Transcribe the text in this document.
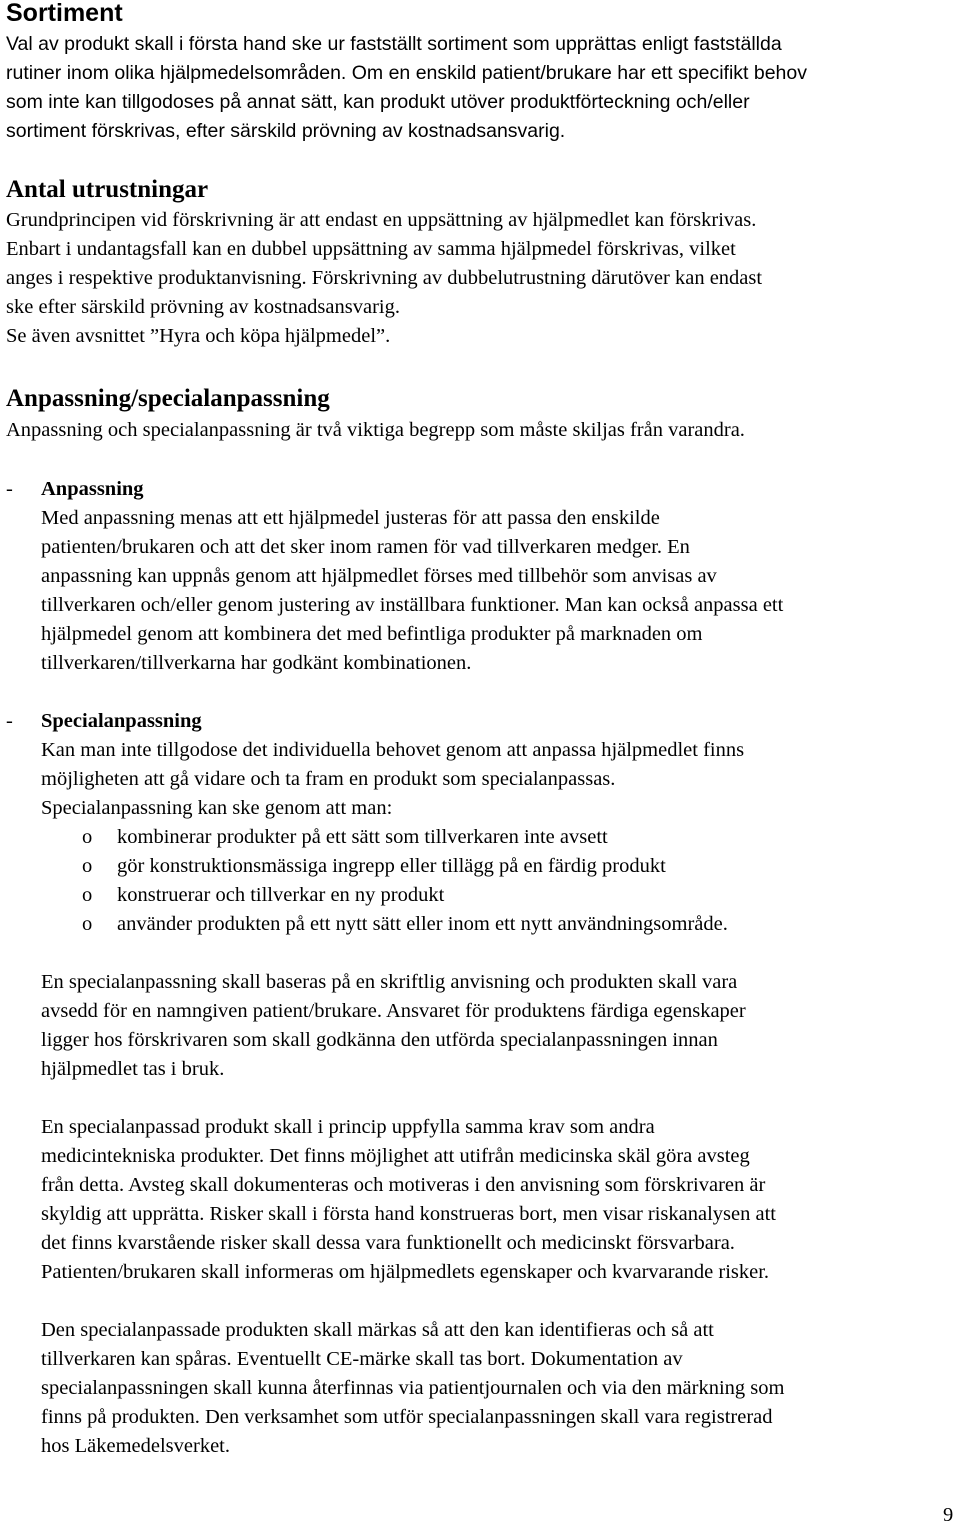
Sortiment
Val av produkt skall i första hand ske ur fastställt sortiment som upprättas enligt fastställda
rutiner inom olika hjälpmedelsområden. Om en enskild patient/brukare har ett specifikt behov
som inte kan tillgodoses på annat sätt, kan produkt utöver produktförteckning och/eller
sortiment förskrivas, efter särskild prövning av kostnadsansvarig.
Antal utrustningar
Grundprincipen vid förskrivning är att endast en uppsättning av hjälpmedlet kan förskrivas.
Enbart i undantagsfall kan en dubbel uppsättning av samma hjälpmedel förskrivas, vilket
anges i respektive produktanvisning. Förskrivning av dubbelutrustning därutöver kan endast
ske efter särskild prövning av kostnadsansvarig.
Se även avsnittet ”Hyra och köpa hjälpmedel”.
Anpassning/specialanpassning
Anpassning och specialanpassning är två viktiga begrepp som måste skiljas från varandra.
- Anpassning
Med anpassning menas att ett hjälpmedel justeras för att passa den enskilde
patienten/brukaren och att det sker inom ramen för vad tillverkaren medger. En
anpassning kan uppnås genom att hjälpmedlet förses med tillbehör som anvisas av
tillverkaren och/eller genom justering av inställbara funktioner. Man kan också anpassa ett
hjälpmedel genom att kombinera det med befintliga produkter på marknaden om
tillverkaren/tillverkarna har godkänt kombinationen.
- Specialanpassning
Kan man inte tillgodose det individuella behovet genom att anpassa hjälpmedlet finns
möjligheten att gå vidare och ta fram en produkt som specialanpassas.
Specialanpassning kan ske genom att man:
o kombinerar produkter på ett sätt som tillverkaren inte avsett
o gör konstruktionsmässiga ingrepp eller tillägg på en färdig produkt
o konstruerar och tillverkar en ny produkt
o använder produkten på ett nytt sätt eller inom ett nytt användningsområde.
En specialanpassning skall baseras på en skriftlig anvisning och produkten skall vara
avsedd för en namngiven patient/brukare. Ansvaret för produktens färdiga egenskaper
ligger hos förskrivaren som skall godkänna den utförda specialanpassningen innan
hjälpmedlet tas i bruk.
En specialanpassad produkt skall i princip uppfylla samma krav som andra
medicintekniska produkter. Det finns möjlighet att utifrån medicinska skäl göra avsteg
från detta. Avsteg skall dokumenteras och motiveras i den anvisning som förskrivaren är
skyldig att upprätta. Risker skall i första hand konstrueras bort, men visar riskanalysen att
det finns kvarstående risker skall dessa vara funktionellt och medicinskt försvarbara.
Patienten/brukaren skall informeras om hjälpmedlets egenskaper och kvarvarande risker.
Den specialanpassade produkten skall märkas så att den kan identifieras och så att
tillverkaren kan spåras. Eventuellt CE-märke skall tas bort. Dokumentation av
specialanpassningen skall kunna återfinnas via patientjournalen och via den märkning som
finns på produkten. Den verksamhet som utför specialanpassningen skall vara registrerad
hos Läkemedelsverket.
9
